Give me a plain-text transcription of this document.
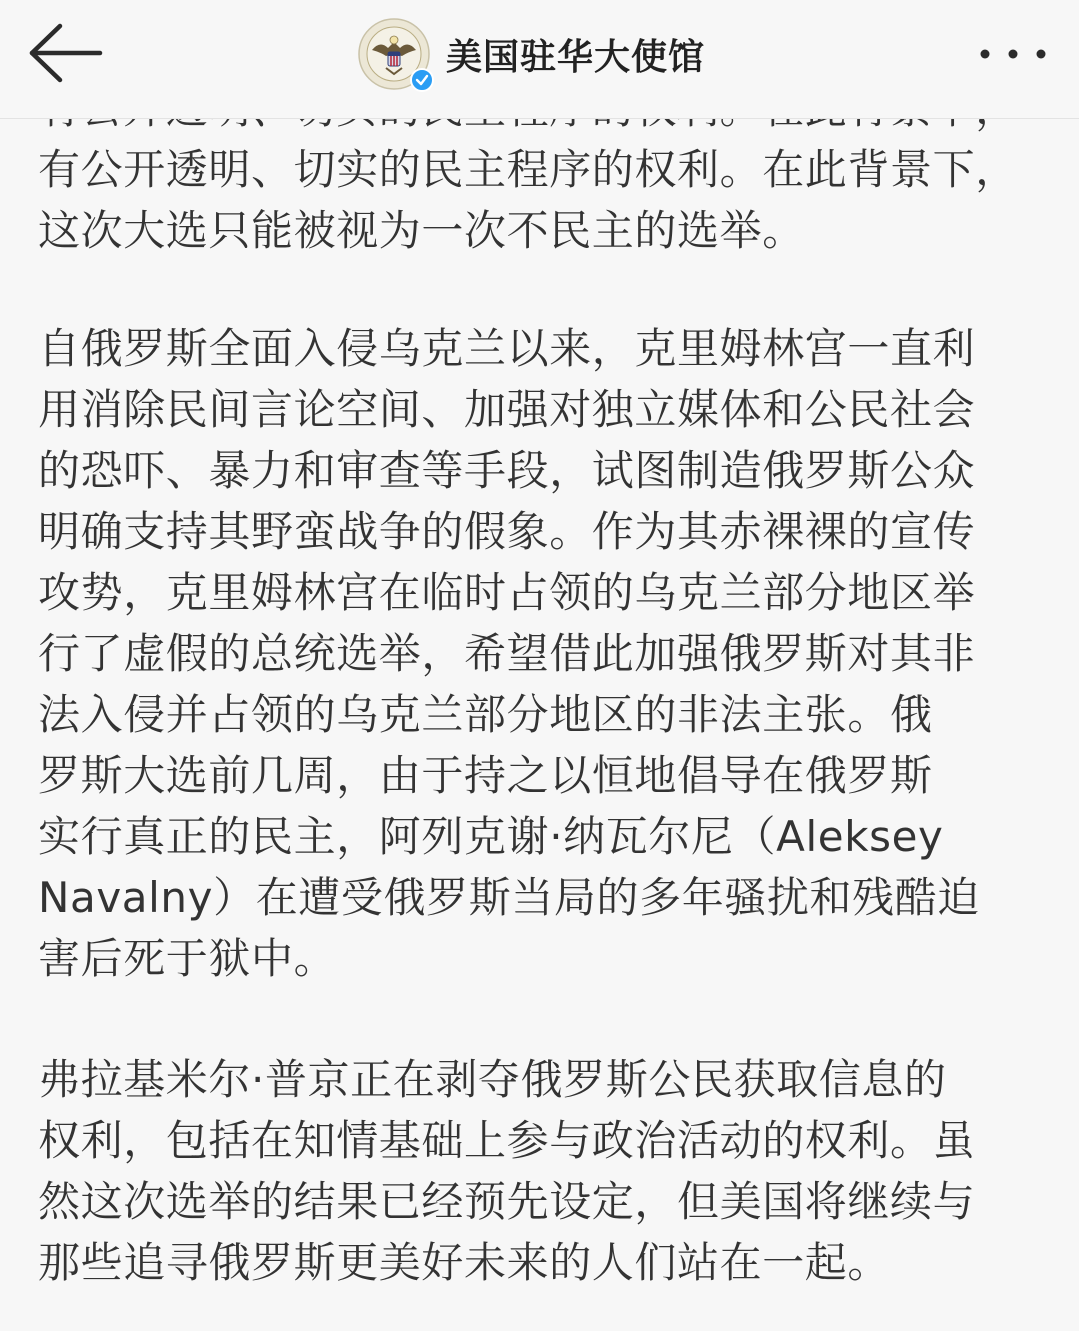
有公开透明、切实的民主程序的权利。在此背景下，
这次大选只能被视为一次不民主的选举。

自俄罗斯全面入侵乌克兰以来，克里姆林宫一直利
用消除民间言论空间、加强对独立媒体和公民社会
的恐吓、暴力和审查等手段，试图制造俄罗斯公众
明确支持其野蛮战争的假象。作为其赤裸裸的宣传
攻势，克里姆林宫在临时占领的乌克兰部分地区举
行了虚假的总统选举，希望借此加强俄罗斯对其非
法入侵并占领的乌克兰部分地区的非法主张。俄
罗斯大选前几周，由于持之以恒地倡导在俄罗斯
实行真正的民主，阿列克谢·纳瓦尔尼（Aleksey
Navalny）在遭受俄罗斯当局的多年骚扰和残酷迫
害后死于狱中。

弗拉基米尔·普京正在剥夺俄罗斯公民获取信息的
权利，包括在知情基础上参与政治活动的权利。虽
然这次选举的结果已经预先设定，但美国将继续与
那些追寻俄罗斯更美好未来的人们站在一起。

美国驻华大使馆
